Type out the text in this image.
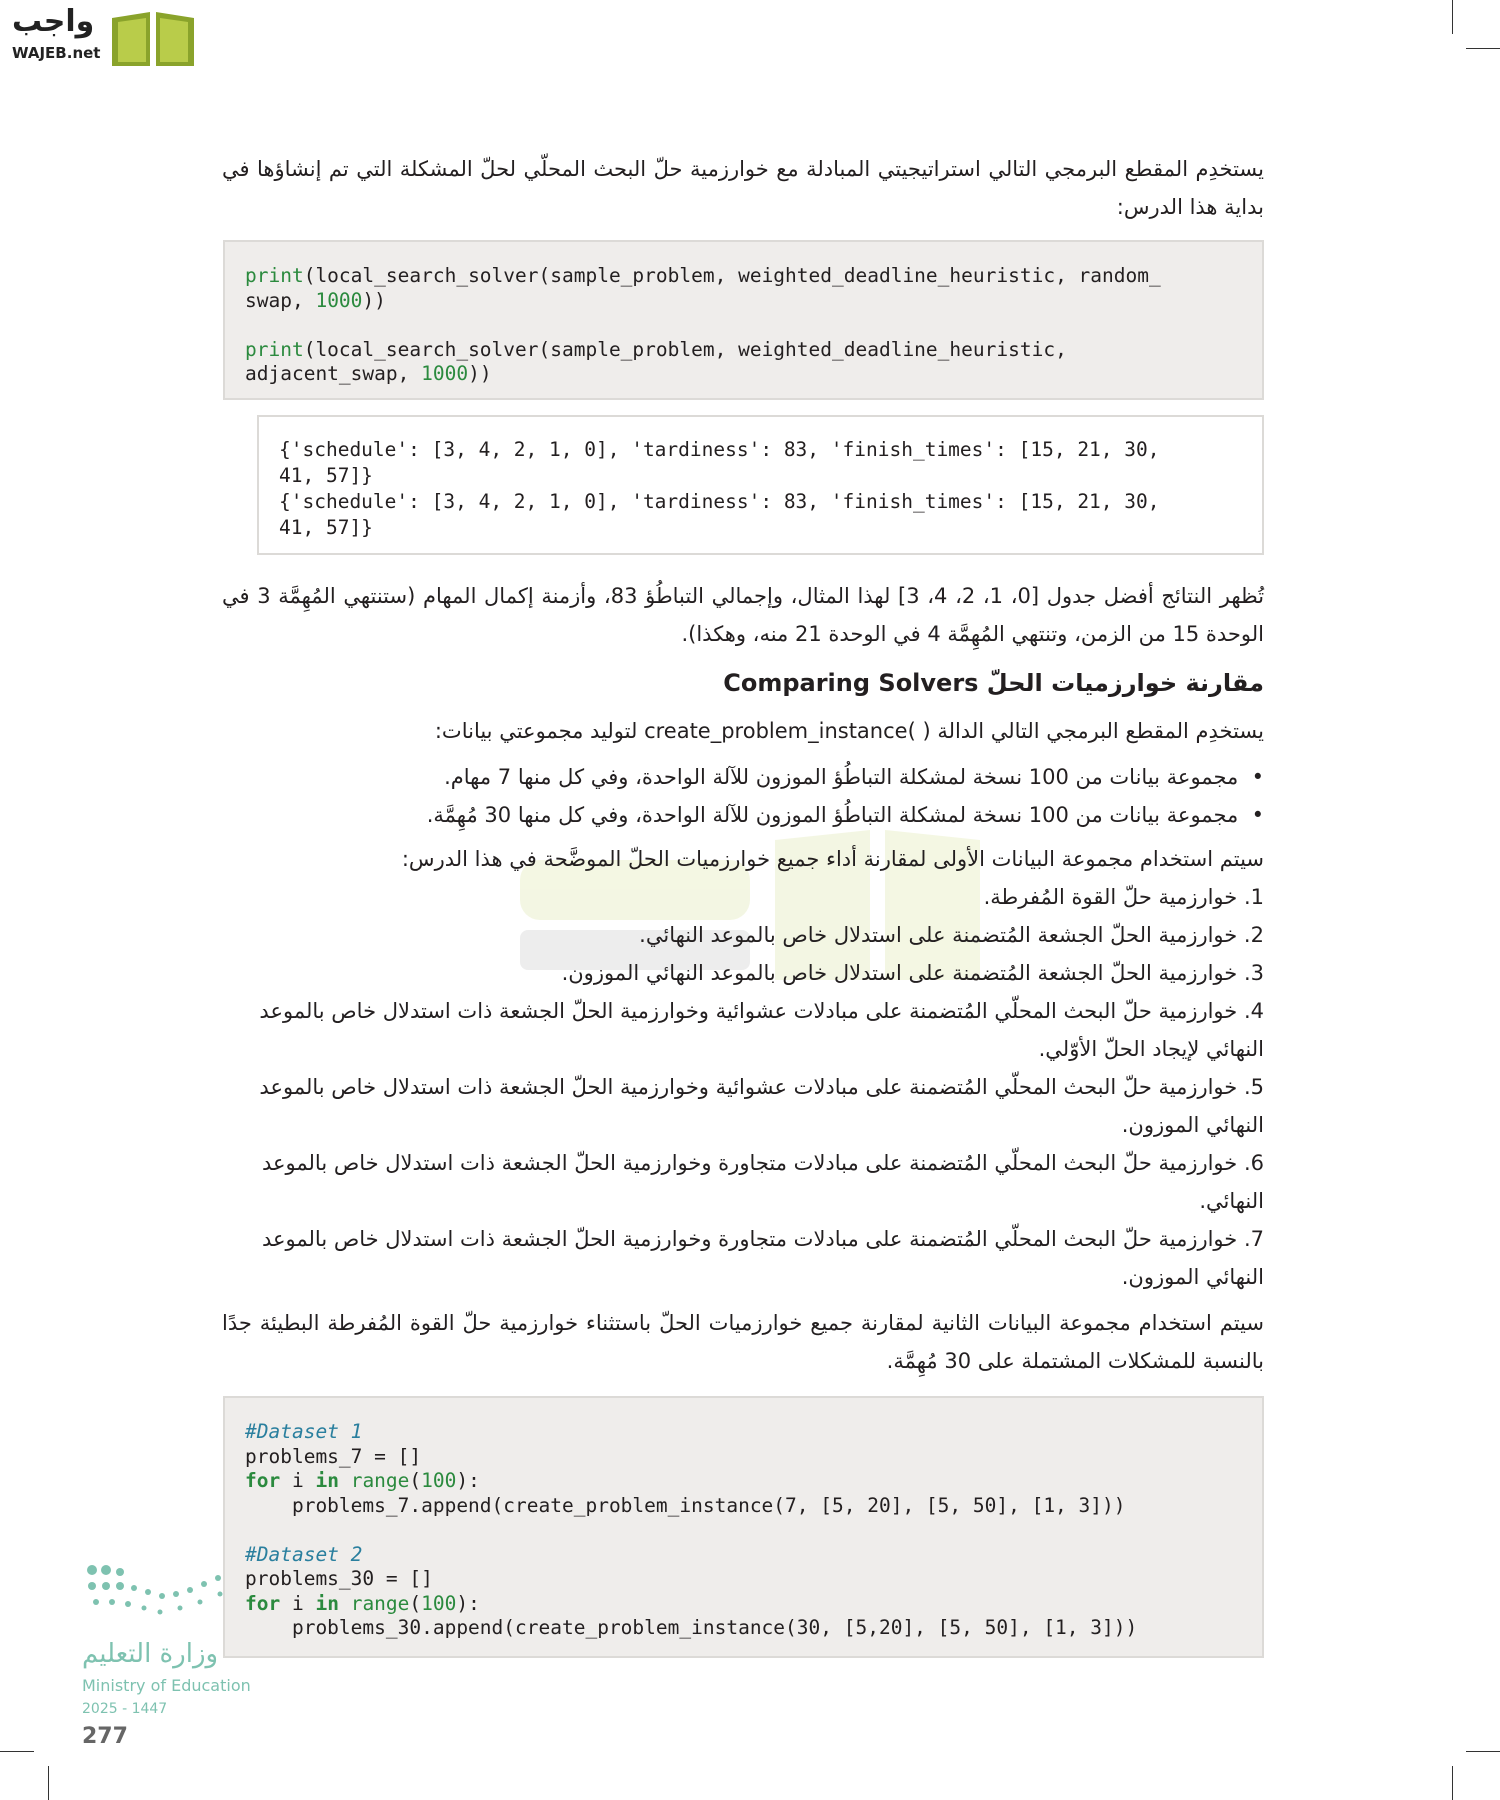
واجب
WAJEB.net
يستخدِم المقطع البرمجي التالي استراتيجيتي المبادلة مع خوارزمية حلّ البحث المحلّي لحلّ المشكلة التي تم إنشاؤها في بداية هذا الدرس:
print(local_search_solver(sample_problem, weighted_deadline_heuristic, random_
swap, 1000))

print(local_search_solver(sample_problem, weighted_deadline_heuristic,
adjacent_swap, 1000))
{'schedule': [3, 4, 2, 1, 0], 'tardiness': 83, 'finish_times': [15, 21, 30,
41, 57]}
{'schedule': [3, 4, 2, 1, 0], 'tardiness': 83, 'finish_times': [15, 21, 30,
41, 57]}
تُظهر النتائج أفضل جدول [0، 1، 2، 4، 3] لهذا المثال، وإجمالي التباطُؤ 83، وأزمنة إكمال المهام (ستنتهي المُهِمَّة 3 في الوحدة 15 من الزمن، وتنتهي المُهِمَّة 4 في الوحدة 21 منه، وهكذا).
مقارنة خوارزميات الحلّ Comparing Solvers
يستخدِم المقطع البرمجي التالي الدالة ( )create_problem_instance لتوليد مجموعتي بيانات:
•  مجموعة بيانات من 100 نسخة لمشكلة التباطُؤ الموزون للآلة الواحدة، وفي كل منها 7 مهام.
•  مجموعة بيانات من 100 نسخة لمشكلة التباطُؤ الموزون للآلة الواحدة، وفي كل منها 30 مُهِمَّة.
سيتم استخدام مجموعة البيانات الأولى لمقارنة أداء جميع خوارزميات الحلّ الموضَّحة في هذا الدرس:
1. خوارزمية حلّ القوة المُفرطة.
2. خوارزمية الحلّ الجشعة المُتضمنة على استدلال خاص بالموعد النهائي.
3. خوارزمية الحلّ الجشعة المُتضمنة على استدلال خاص بالموعد النهائي الموزون.
4. خوارزمية حلّ البحث المحلّي المُتضمنة على مبادلات عشوائية وخوارزمية الحلّ الجشعة ذات استدلال خاص بالموعد النهائي لإيجاد الحلّ الأوّلي.
5. خوارزمية حلّ البحث المحلّي المُتضمنة على مبادلات عشوائية وخوارزمية الحلّ الجشعة ذات استدلال خاص بالموعد النهائي الموزون.
6. خوارزمية حلّ البحث المحلّي المُتضمنة على مبادلات متجاورة وخوارزمية الحلّ الجشعة ذات استدلال خاص بالموعد النهائي.
7. خوارزمية حلّ البحث المحلّي المُتضمنة على مبادلات متجاورة وخوارزمية الحلّ الجشعة ذات استدلال خاص بالموعد النهائي الموزون.
سيتم استخدام مجموعة البيانات الثانية لمقارنة جميع خوارزميات الحلّ باستثناء خوارزمية حلّ القوة المُفرطة البطيئة جدًا بالنسبة للمشكلات المشتملة على 30 مُهِمَّة.
#Dataset 1
problems_7 = []
for i in range(100):
problems_7.append(create_problem_instance(7, [5, 20], [5, 50], [1, 3]))

#Dataset 2
problems_30 = []
for i in range(100):
problems_30.append(create_problem_instance(30, [5,20], [5, 50], [1, 3]))
وزارة التعليم
Ministry of Education
2025 - 1447
277
